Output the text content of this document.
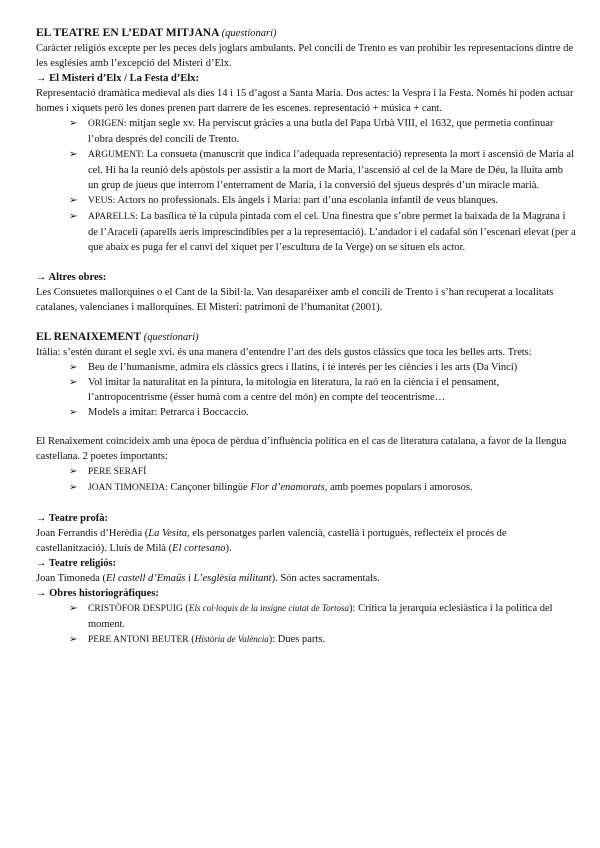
EL TEATRE EN L’EDAT MITJANA (questionari)

Caràcter religiós excepte per les peces dels joglars ambulants. Pel concili de Trento es van prohibir les representacions dintre de les esglésies amb l’excepció del Misteri d’Elx.

→ El Misteri d’Elx / La Festa d’Elx:

Representació dramàtica medieval als dies 14 i 15 d’agost a Santa Maria. Dos actes: la Vespra i la Festa. Només hi poden actuar homes i xiquets però les dones prenen part darrere de les escenes. representació + música + cant.

➢ ORIGEN: mitjan segle xv. Ha perviscut gràcies a una butla del Papa Urbà VIII, el 1632, que permetia continuar l’obra després del concili de Trento.
➢ ARGUMENT: La consueta (manuscrit que indica l’adequada representació) representa la mort i ascensió de Maria al cel. Hi ha la reunió dels apòstols per assistir a la mort de Maria, l’ascensió al cel de la Mare de Déu, la lluita amb un grup de jueus que interrom l’enterrament de Maria, i la conversió del sjueus després d’un miracle marià.
➢ VEUS: Actors no professionals. Els àngels i Maria: part d’una escolania infantil de veus blanques.
➢ APARELLS: La basílica té la cúpula pintada com el cel. Una finestra que s’obre permet la baixada de la Magrana i de l’Araceli (aparells aeris imprescindibles per a la representació). L’andador i el cadafal són l’escenari elevat (per a que abaix es puga fer el canvi del xiquet per l’escultura de la Verge) on se situen els actor.

→ Altres obres:

Les Consuetes mallorquines o el Cant de la Sibil·la. Van desaparéixer amb el concili de Trento i s’han recuperat a localitats catalanes, valencianes i mallorquines. El Misteri: patrimoni de l’humanitat (2001).

EL RENAIXEMENT (questionari)

Itàlia: s’estén durant el segle xvi. és una manera d’entendre l’art des dels gustos clàssics que toca les belles arts. Trets:

➢ Beu de l’humanisme, admira els clàssics grecs i llatins, i té interés per les ciències i les arts (Da Vinci)
➢ Vol imitar la naturalitat en la pintura, la mitologia en literatura, la raó en la ciència i el pensament, l’antropocentrisme (ésser humà com a centre del món) en compte del teocentrisme…
➢ Models a imitar: Petrarca i Boccaccio.

El Renaixement coincideix amb una època de pèrdua d’influència política en el cas de literatura catalana, a favor de la llengua castellana. 2 poetes importants:

➢ PERE SERAFÍ
➢ JOAN TIMONEDA: Cançoner bilingüe Flor d’enamorats, amb poemes populars i amorosos.

→ Teatre profà:

Joan Ferrandis d’Herèdia (La Vesita, els personatges parlen valencià, castellà i portuguès, reflecteix el procés de castellanització). Lluís de Milà (El cortesano).

→ Teatre religiós:

Joan Timoneda (El castell d’Emaüs i L’esglèsia militant). Són actes sacramentals.

→ Obres historiogràfiques:

➢ CRISTÒFOR DESPUIG (Els col·loquis de la insigne ciutat de Tortosa): Critica la jerarquia eclesiàstica i la política del moment.
➢ PERE ANTONI BEUTER (Història de València): Dues parts.
